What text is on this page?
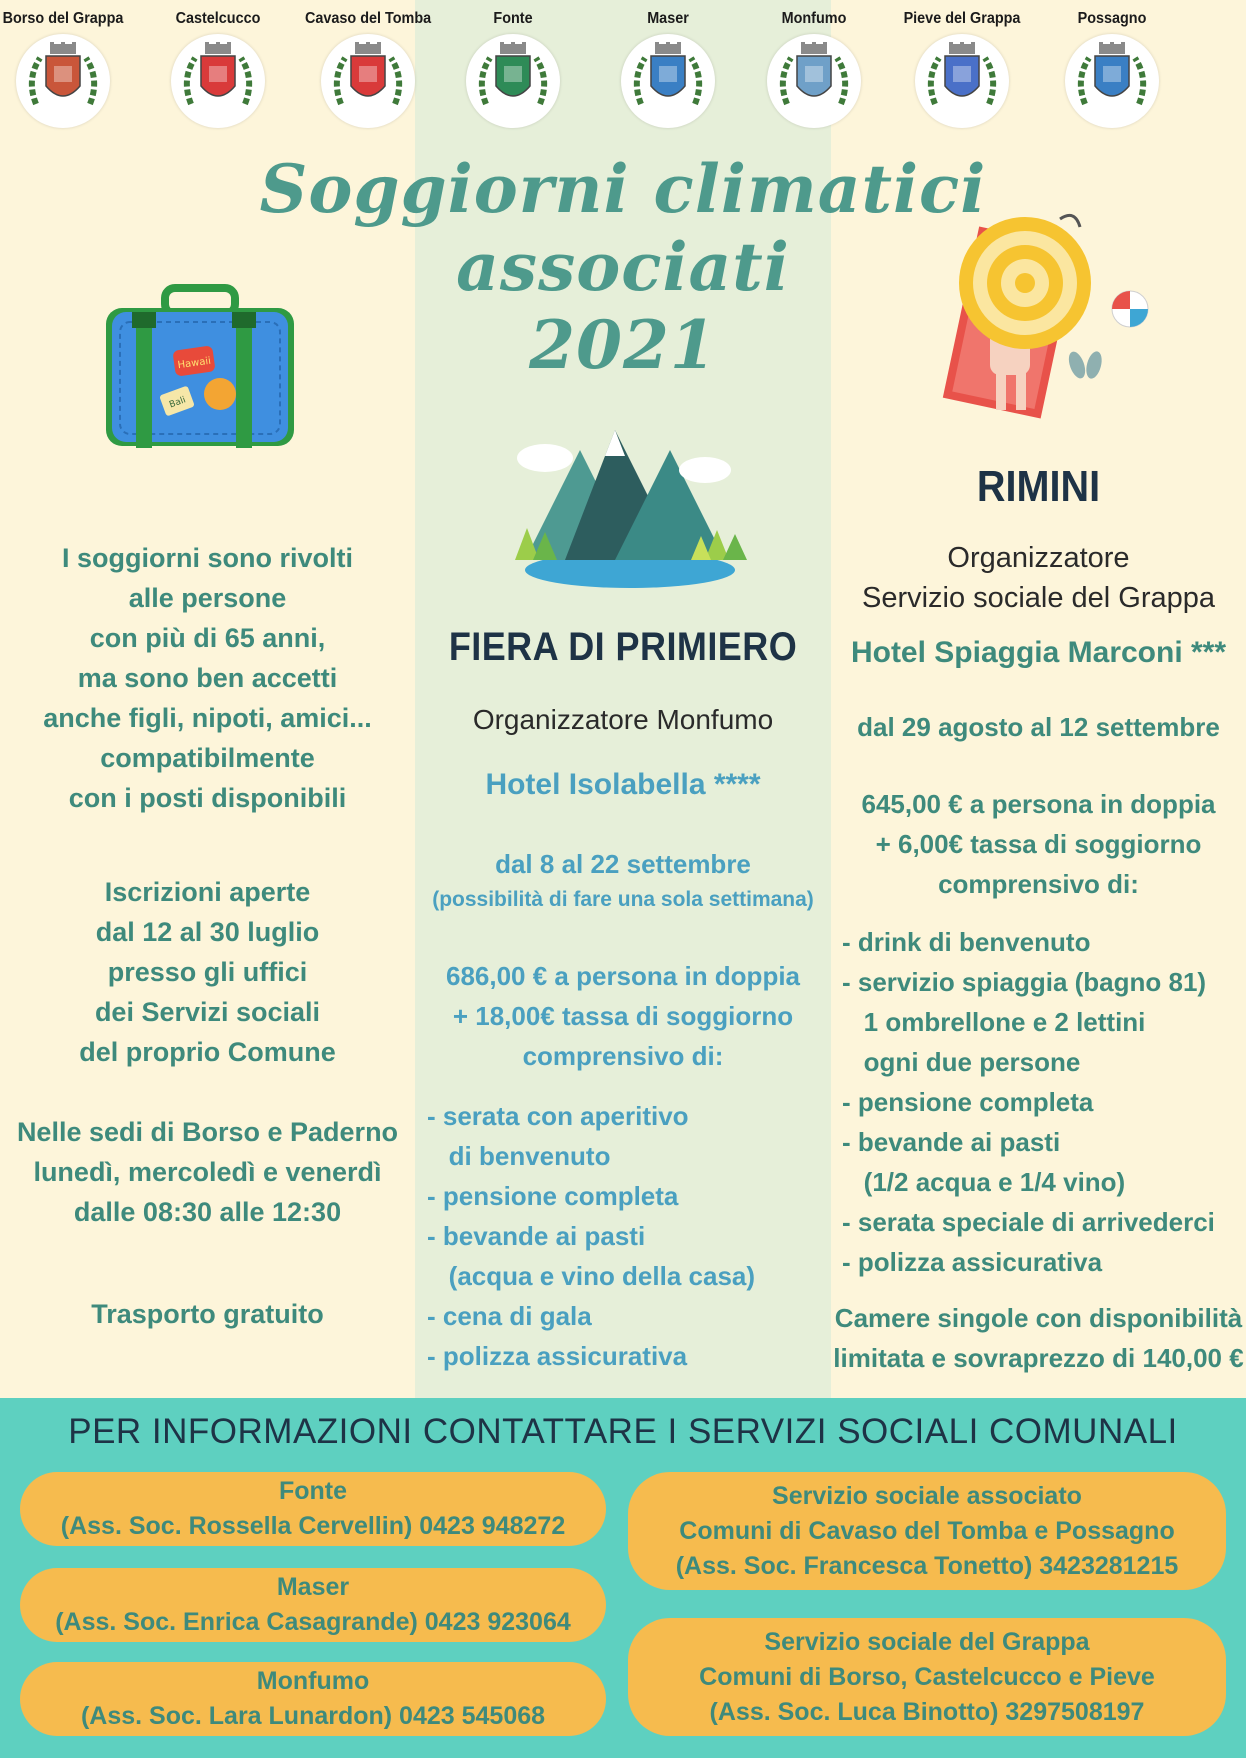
Borso del Grappa	Castelcucco	Cavaso del Tomba	Fonte	Maser	Monfumo	Pieve del Grappa	Possagno
Soggiorni climatici
associati
2021
Hawaii
Bali
I soggiorni sono rivolti
alle persone
con più di 65 anni,
ma sono ben accetti
anche figli, nipoti, amici...
compatibilmente
con i posti disponibili
Iscrizioni aperte
dal 12 al 30 luglio
presso gli uffici
dei Servizi sociali
del proprio Comune
Nelle sedi di Borso e Paderno
lunedì, mercoledì e venerdì
dalle 08:30 alle 12:30
Trasporto gratuito
FIERA DI PRIMIERO
Organizzatore Monfumo
Hotel Isolabella ****
dal 8 al 22 settembre
(possibilità di fare una sola settimana)
686,00 € a persona in doppia
+ 18,00€ tassa di soggiorno
comprensivo di:
- serata con aperitivo
di benvenuto
- pensione completa
- bevande ai pasti
(acqua e vino della casa)
- cena di gala
- polizza assicurativa
RIMINI
Organizzatore
Servizio sociale del Grappa
Hotel Spiaggia Marconi ***
dal 29 agosto al 12 settembre
645,00 € a persona in doppia
+ 6,00€ tassa di soggiorno
comprensivo di:
- drink di benvenuto
- servizio spiaggia (bagno 81)
1 ombrellone e 2 lettini
ogni due persone
- pensione completa
- bevande ai pasti
(1/2 acqua e 1/4 vino)
- serata speciale di arrivederci
- polizza assicurativa
Camere singole con disponibilità
limitata e sovraprezzo di 140,00 €
PER INFORMAZIONI CONTATTARE I SERVIZI SOCIALI COMUNALI
Fonte
(Ass. Soc. Rossella Cervellin) 0423 948272
Maser
(Ass. Soc. Enrica Casagrande) 0423 923064
Monfumo
(Ass. Soc. Lara Lunardon) 0423 545068
Servizio sociale associato
Comuni di Cavaso del Tomba e Possagno
(Ass. Soc. Francesca Tonetto) 3423281215
Servizio sociale del Grappa
Comuni di Borso, Castelcucco e Pieve
(Ass. Soc. Luca Binotto) 3297508197
